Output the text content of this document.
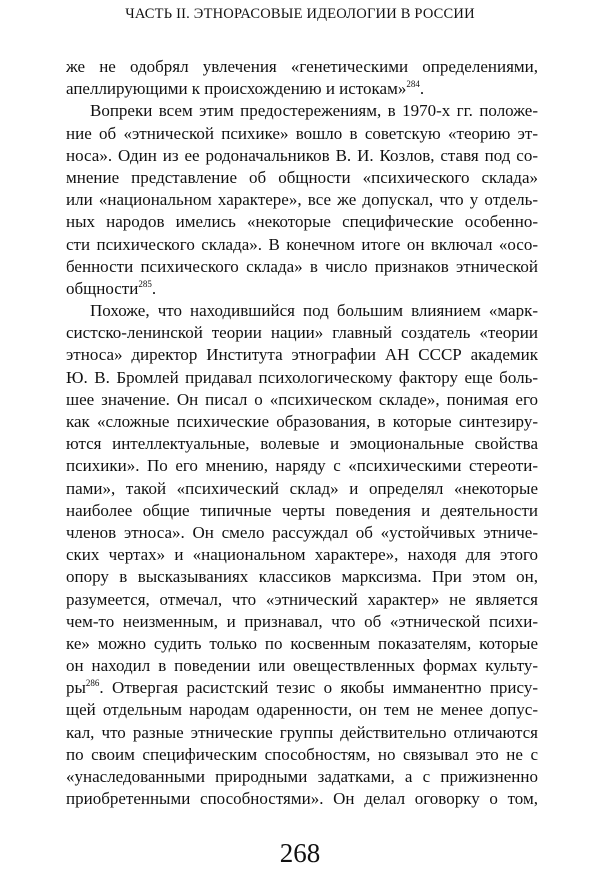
ЧАСТЬ II. ЭТНОРАСОВЫЕ ИДЕОЛОГИИ В РОССИИ
же не одобрял увлечения «генетическими определениями,
апеллирующими к происхождению и истокам»$^{284}$.
Вопреки всем этим предостережениям, в 1970-х гг. положе-
ние об «этнической психике» вошло в советскую «теорию эт-
носа». Один из ее родоначальников В. И. Козлов, ставя под со-
мнение представление об общности «психического склада»
или «национальном характере», все же допускал, что у отдель-
ных народов имелись «некоторые специфические особенно-
сти психического склада». В конечном итоге он включал «осо-
бенности психического склада» в число признаков этнической
общности$^{285}$.
Похоже, что находившийся под большим влиянием «марк-
систско-ленинской теории нации» главный создатель «теории
этноса» директор Института этнографии АН СССР академик
Ю. В. Бромлей придавал психологическому фактору еще боль-
шее значение. Он писал о «психическом складе», понимая его
как «сложные психические образования, в которые синтезиру-
ются интеллектуальные, волевые и эмоциональные свойства
психики». По его мнению, наряду с «психическими стереоти-
пами», такой «психический склад» и определял «некоторые
наиболее общие типичные черты поведения и деятельности
членов этноса». Он смело рассуждал об «устойчивых этниче-
ских чертах» и «национальном характере», находя для этого
опору в высказываниях классиков марксизма. При этом он,
разумеется, отмечал, что «этнический характер» не является
чем-то неизменным, и признавал, что об «этнической психи-
ке» можно судить только по косвенным показателям, которые
он находил в поведении или овеществленных формах культу-
$ры^{286}$. Отвергая расистский тезис о якобы имманентно прису-
щей отдельным народам одаренности, он тем не менее допус-
кал, что разные этнические группы действительно отличаются
по своим специфическим способностям, но связывал это не с
«унаследованными природными задатками, а с прижизненно
приобретенными способностями». Он делал оговорку о том,
268
